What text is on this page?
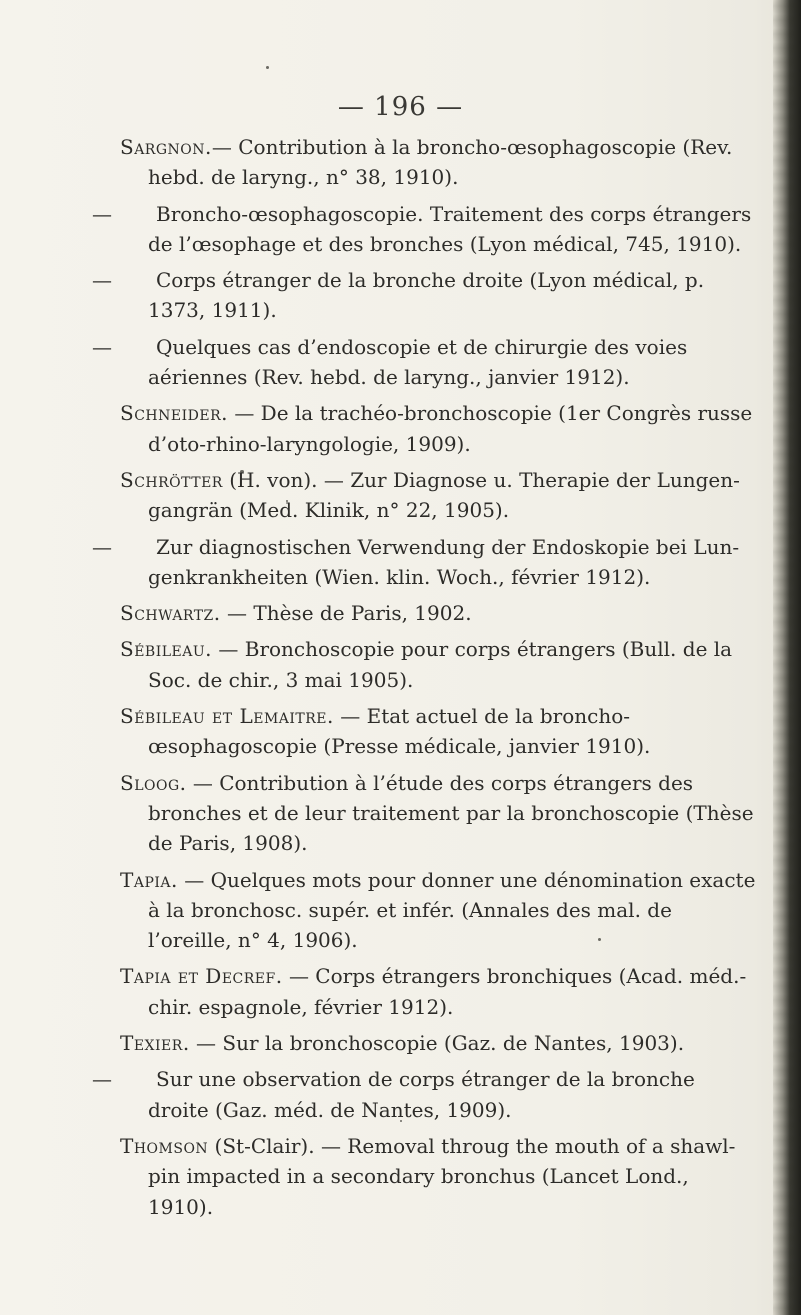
— 196 —
Sargnon.— Contribution à la broncho-œsophagoscopie (Rev. hebd. de laryng., n° 38, 1910).
— Broncho-œsophagoscopie. Traitement des corps étrangers de l’œsophage et des bronches (Lyon médical, 745, 1910).
— Corps étranger de la bronche droite (Lyon médical, p. 1373, 1911).
— Quelques cas d’endoscopie et de chirurgie des voies aériennes (Rev. hebd. de laryng., janvier 1912).
Schneider. — De la trachéo-bronchoscopie (1er Congrès russe d’oto-rhino-laryngologie, 1909).
Schrötter (H. von). — Zur Diagnose u. Therapie der Lungen-gangrän (Med. Klinik, n° 22, 1905).
— Zur diagnostischen Verwendung der Endoskopie bei Lun-genkrankheiten (Wien. klin. Woch., février 1912).
Schwartz. — Thèse de Paris, 1902.
Sébileau. — Bronchoscopie pour corps étrangers (Bull. de la Soc. de chir., 3 mai 1905).
Sébileau et Lemaitre. — Etat actuel de la broncho-œsophagoscopie (Presse médicale, janvier 1910).
Sloog. — Contribution à l’étude des corps étrangers des bronches et de leur traitement par la bronchoscopie (Thèse de Paris, 1908).
Tapia. — Quelques mots pour donner une dénomination exacte à la bronchosc. supér. et infér. (Annales des mal. de l’oreille, n° 4, 1906).
Tapia et Decref. — Corps étrangers bronchiques (Acad. méd.-chir. espagnole, février 1912).
Texier. — Sur la bronchoscopie (Gaz. de Nantes, 1903).
— Sur une observation de corps étranger de la bronche droite (Gaz. méd. de Nantes, 1909).
Thomson (St-Clair). — Removal throug the mouth of a shawl-pin impacted in a secondary bronchus (Lancet Lond., 1910).
